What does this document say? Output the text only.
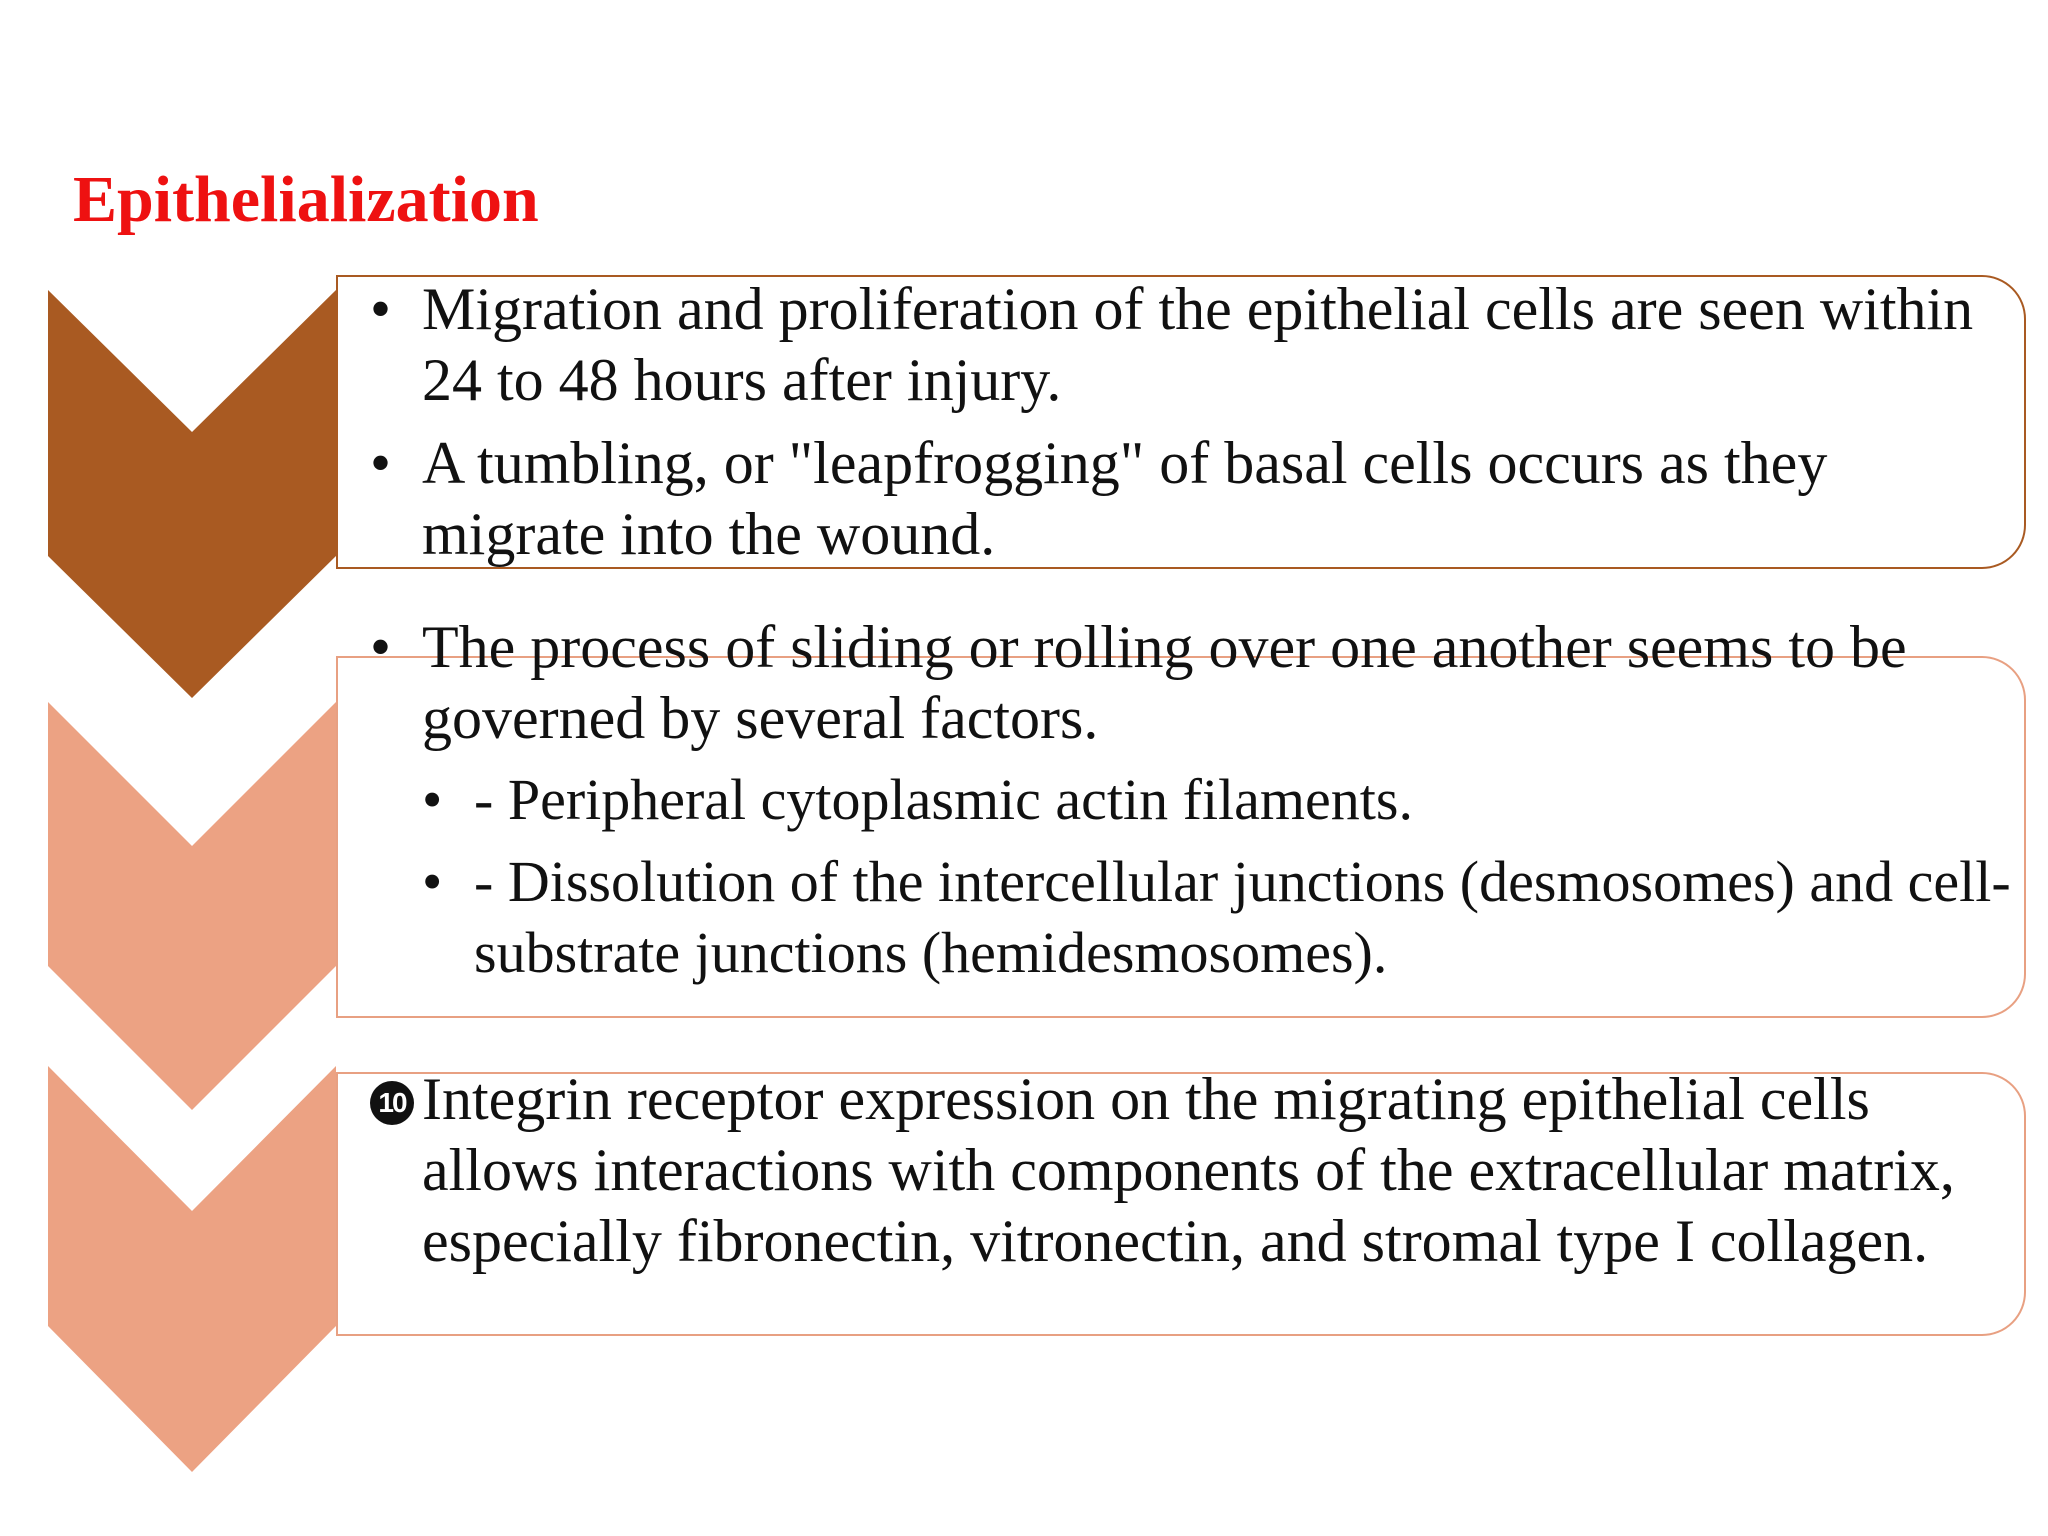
Epithelialization

• Migration and proliferation of the epithelial cells are seen within 24 to 48 hours after injury.

• A tumbling, or "leapfrogging" of basal cells occurs as they migrate into the wound.

• The process of sliding or rolling over one another seems to be governed by several factors.

• - Peripheral cytoplasmic actin filaments.

• - Dissolution of the intercellular junctions (desmosomes) and cell-substrate junctions (hemidesmosomes).

10 Integrin receptor expression on the migrating epithelial cells allows interactions with components of the extracellular matrix, especially fibronectin, vitronectin, and stromal type I collagen.
